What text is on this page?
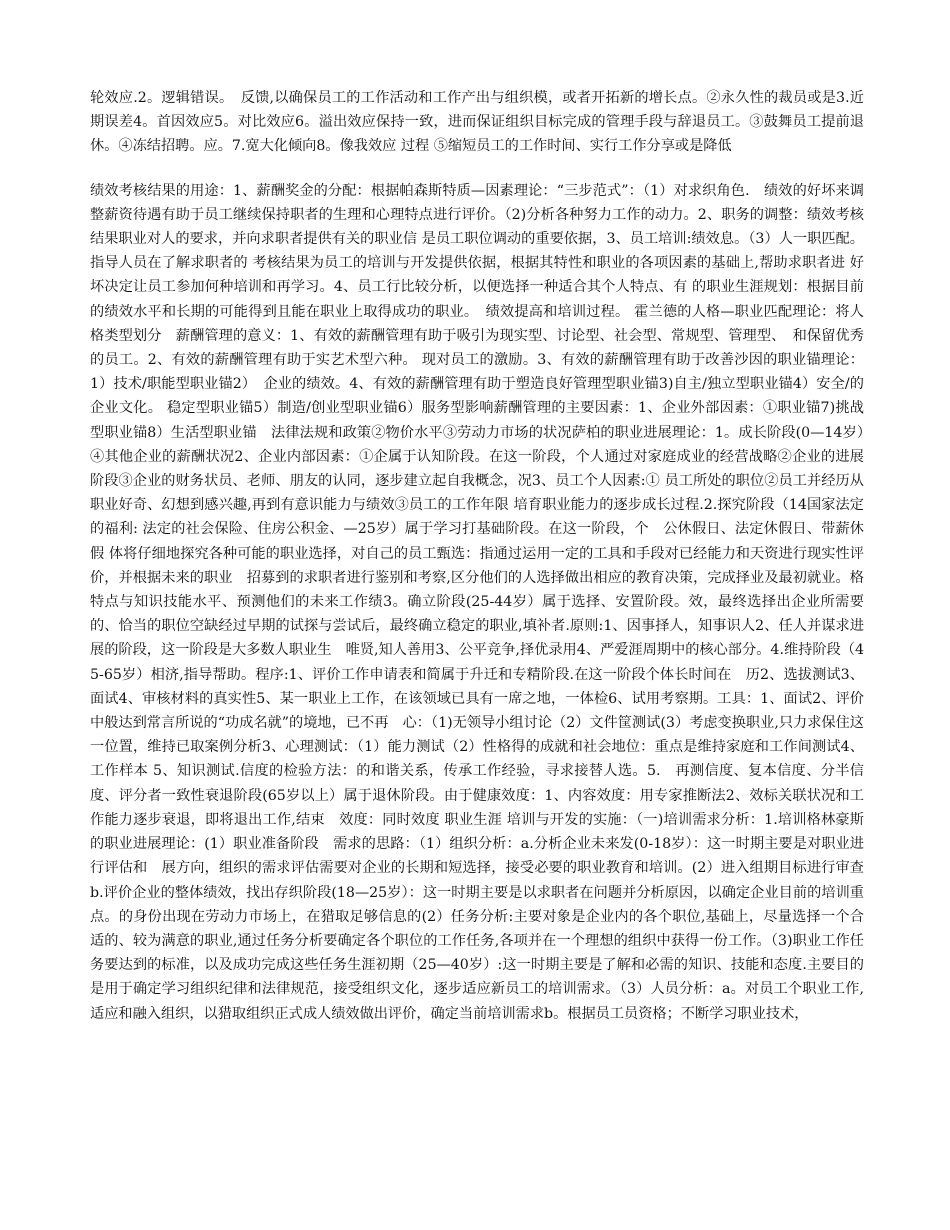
轮效应.2。逻辑错误。　反馈,以确保员工的工作活动和工作产出与组织模，或者开拓新的增长点。②永久性的裁员或是3.近期误差4。首因效应5。对比效应6。溢出效应保持一致，进而保证组织目标完成的管理手段与辞退员工。③鼓舞员工提前退休。④冻结招聘。应。7.宽大化倾向8。像我效应 过程 ⑤缩短员工的工作时间、实行工作分享或是降低

绩效考核结果的用途：1、薪酬奖金的分配：根据帕森斯特质—因素理论：“三步范式”：（1）对求织角色.　绩效的好坏来调整薪资待遇有助于员工继续保持职者的生理和心理特点进行评价。（2)分析各种努力工作的动力。2、职务的调整：绩效考核结果职业对人的要求，并向求职者提供有关的职业信 是员工职位调动的重要依据，3、员工培训:绩效息。（3）人一职匹配。指导人员在了解求职者的 考核结果为员工的培训与开发提供依据，根据其特性和职业的各项因素的基础上,帮助求职者进 好坏决定让员工参加何种培训和再学习。4、员工行比较分析，以便选择一种适合其个人特点、有 的职业生涯规划：根据目前的绩效水平和长期的可能得到且能在职业上取得成功的职业。　绩效提高和培训过程。 霍兰德的人格—职业匹配理论：将人格类型划分　薪酬管理的意义：1、有效的薪酬管理有助于吸引为现实型、讨论型、社会型、常规型、管理型、　和保留优秀的员工。2、有效的薪酬管理有助于实艺术型六种。 现对员工的激励。3、有效的薪酬管理有助于改善沙因的职业锚理论：1）技术/职能型职业锚2）　企业的绩效。4、有效的薪酬管理有助于塑造良好管理型职业锚3)自主/独立型职业锚4）安全/的企业文化。 稳定型职业锚5）制造/创业型职业锚6）服务型影响薪酬管理的主要因素：1、企业外部因素：①职业锚7)挑战型职业锚8）生活型职业锚　法律法规和政策②物价水平③劳动力市场的状况萨柏的职业进展理论：1。成长阶段(0—14岁）　④其他企业的薪酬状况2、企业内部因素：①企属于认知阶段。在这一阶段，个人通过对家庭成业的经营战略②企业的进展阶段③企业的财务状员、老师、朋友的认同，逐步建立起自我概念，况3、员工个人因素:① 员工所处的职位②员工并经历从职业好奇、幻想到感兴趣,再到有意识能力与绩效③员工的工作年限 培育职业能力的逐步成长过程.2.探究阶段（14国家法定的福利: 法定的社会保险、住房公积金、—25岁）属于学习打基础阶段。在这一阶段，个　公休假日、法定休假日、带薪休假 体将仔细地探究各种可能的职业选择，对自己的员工甄选：指通过运用一定的工具和手段对已经能力和天资进行现实性评价，并根据未来的职业　招募到的求职者进行鉴别和考察,区分他们的人选择做出相应的教育决策，完成择业及最初就业。格特点与知识技能水平、预测他们的未来工作绩3。确立阶段(25-44岁）属于选择、安置阶段。效，最终选择出企业所需要的、恰当的职位空缺经过早期的试探与尝试后，最终确立稳定的职业,填补者.原则:1、因事择人，知事识人2、任人并谋求进展的阶段，这一阶段是大多数人职业生　唯贤,知人善用3、公平竞争,择优录用4、严爱涯周期中的核心部分。4.维持阶段（45-65岁）相济,指导帮助。程序:1、评价工作申请表和简属于升迁和专精阶段.在这一阶段个体长时间在　历2、选拔测试3、面试4、审核材料的真实性5、某一职业上工作，在该领域已具有一席之地，一体检6、试用考察期。工具：1、面试2、评价中般达到常言所说的“功成名就”的境地，已不再　心：（1)无领导小组讨论（2）文件筐测试(3）考虑变换职业,只力求保住这一位置，维持已取案例分析3、心理测试：（1）能力测试（2）性格得的成就和社会地位：重点是维持家庭和工作间测试4、工作样本 5、知识测试.信度的检验方法：的和谐关系，传承工作经验，寻求接替人选。5.　再测信度、复本信度、分半信度、评分者一致性衰退阶段(65岁以上）属于退休阶段。由于健康效度：1、内容效度：用专家推断法2、效标关联状况和工作能力逐步衰退，即将退出工作,结束　效度：同时效度 职业生涯 培训与开发的实施：（一)培训需求分析：1.培训格林豪斯的职业进展理论：(1）职业准备阶段　需求的思路：（1）组织分析：a.分析企业未来发(0-18岁）：这一时期主要是对职业进行评估和　展方向，组织的需求评估需要对企业的长期和短选择，接受必要的职业教育和培训。(2）进入组期目标进行审查b.评价企业的整体绩效，找出存织阶段(18—25岁）：这一时期主要是以求职者在问题并分析原因，以确定企业目前的培训重点。的身份出现在劳动力市场上，在猎取足够信息的(2）任务分析:主要对象是企业内的各个职位,基础上，尽量选择一个合适的、较为满意的职业,通过任务分析要确定各个职位的工作任务,各项并在一个理想的组织中获得一份工作。（3)职业工作任务要达到的标准，以及成功完成这些任务生涯初期（25—40岁）:这一时期主要是了解和必需的知识、技能和态度.主要目的是用于确定学习组织纪律和法律规范，接受组织文化，逐步适应新员工的培训需求。（3）人员分析：a。对员工个职业工作,适应和融入组织，以猎取组织正式成人绩效做出评价，确定当前培训需求b。根据员工员资格；不断学习职业技术，
